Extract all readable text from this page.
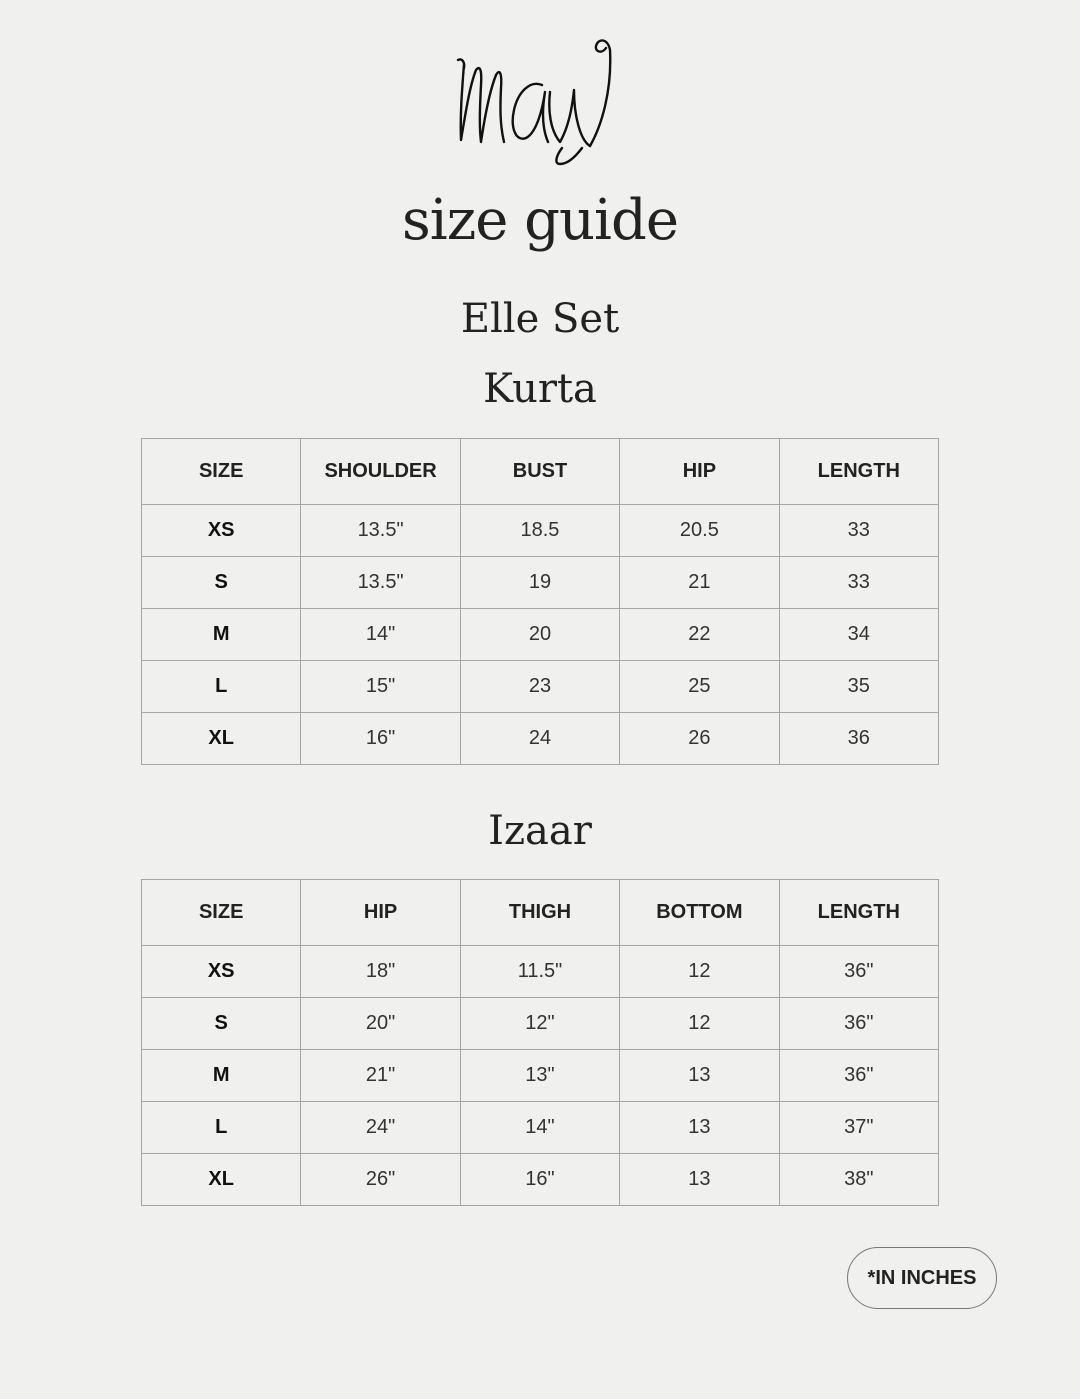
size guide
Elle Set
Kurta
SIZE	SHOULDER	BUST	HIP	LENGTH
XS	13.5"	18.5	20.5	33
S	13.5"	19	21	33
M	14"	20	22	34
L	15"	23	25	35
XL	16"	24	26	36
Izaar
SIZE	HIP	THIGH	BOTTOM	LENGTH
XS	18"	11.5"	12	36"
S	20"	12"	12	36"
M	21"	13"	13	36"
L	24"	14"	13	37"
XL	26"	16"	13	38"
*IN INCHES
